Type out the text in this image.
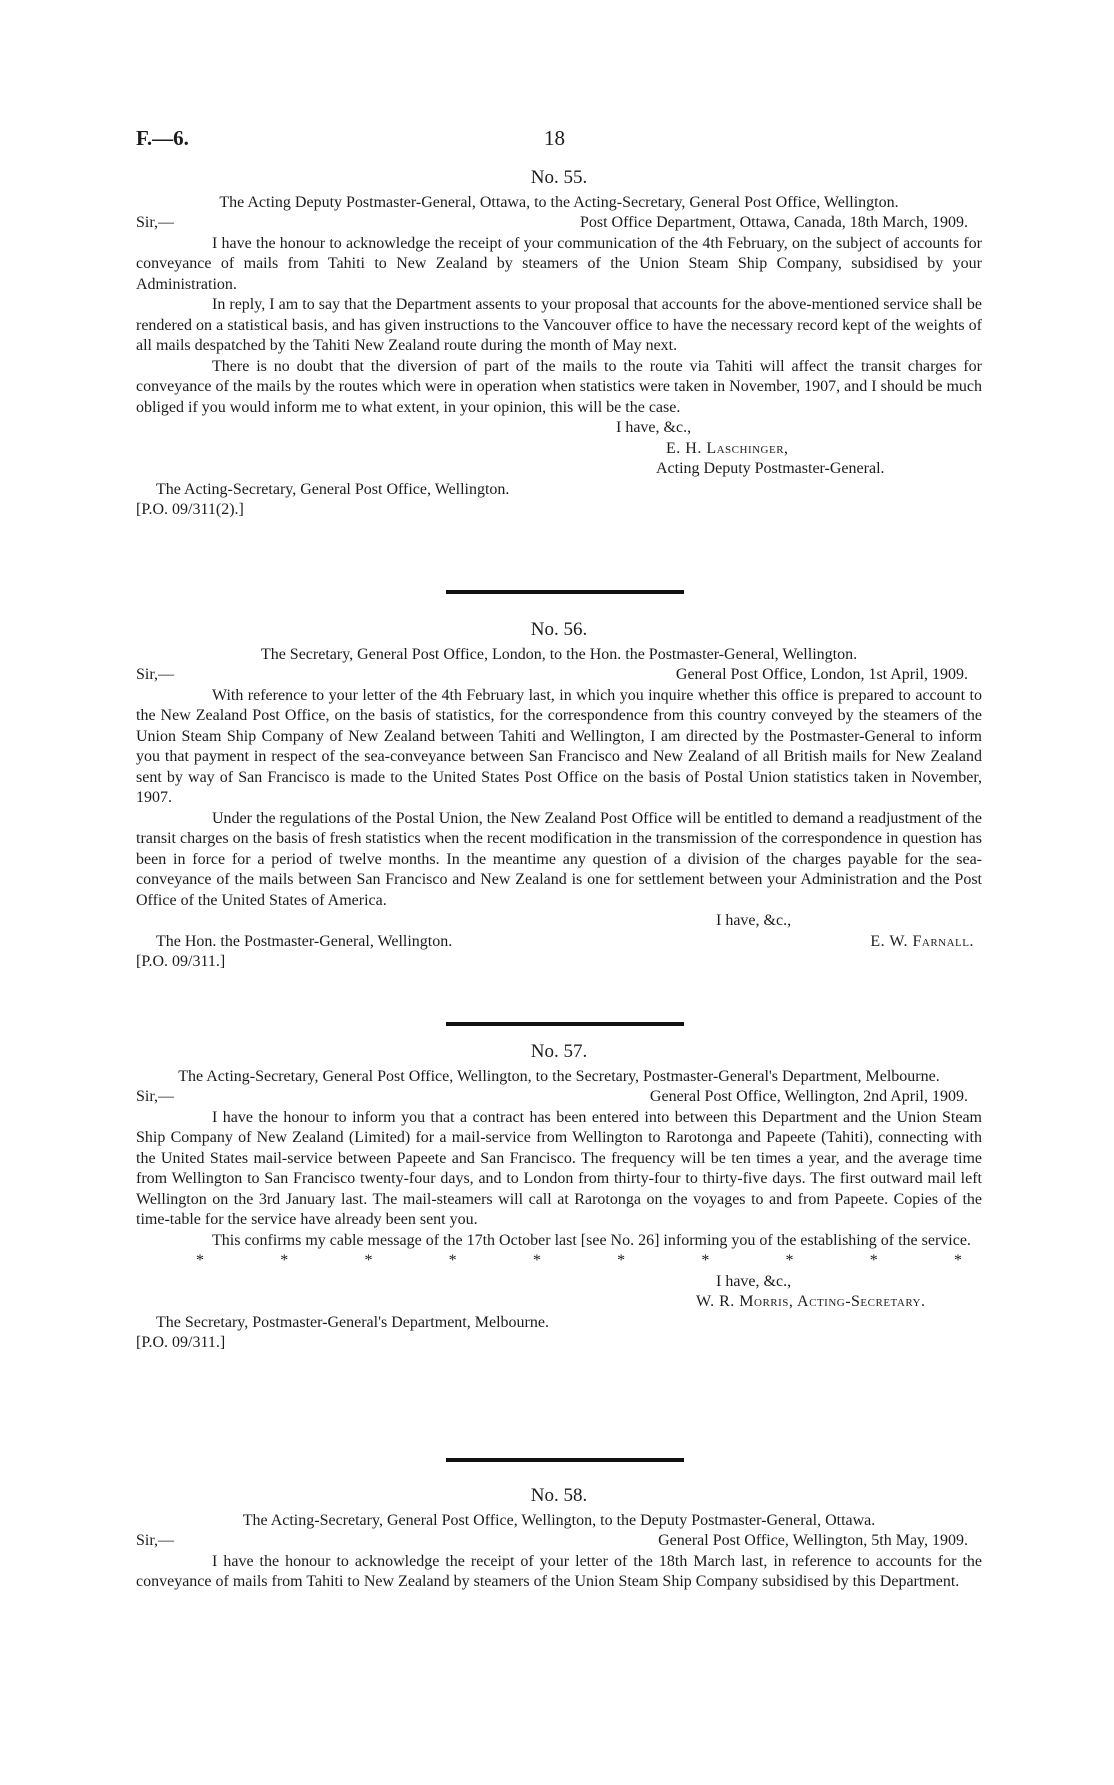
F.—6.	18
No. 55.
The Acting Deputy Postmaster-General, Ottawa, to the Acting-Secretary, General Post Office, Wellington.
Sir,—	Post Office Department, Ottawa, Canada, 18th March, 1909.

I have the honour to acknowledge the receipt of your communication of the 4th February, on the subject of accounts for conveyance of mails from Tahiti to New Zealand by steamers of the Union Steam Ship Company, subsidised by your Administration.

In reply, I am to say that the Department assents to your proposal that accounts for the above-mentioned service shall be rendered on a statistical basis, and has given instructions to the Vancouver office to have the necessary record kept of the weights of all mails despatched by the Tahiti New Zealand route during the month of May next.

There is no doubt that the diversion of part of the mails to the route via Tahiti will affect the transit charges for conveyance of the mails by the routes which were in operation when statistics were taken in November, 1907, and I should be much obliged if you would inform me to what extent, in your opinion, this will be the case.

I have, &c.,
E. H. Laschinger,
Acting Deputy Postmaster-General.
The Acting-Secretary, General Post Office, Wellington.
[P.O. 09/311(2).]
No. 56.
The Secretary, General Post Office, London, to the Hon. the Postmaster-General, Wellington.
Sir,—	General Post Office, London, 1st April, 1909.

With reference to your letter of the 4th February last, in which you inquire whether this office is prepared to account to the New Zealand Post Office, on the basis of statistics, for the correspondence from this country conveyed by the steamers of the Union Steam Ship Company of New Zealand between Tahiti and Wellington, I am directed by the Postmaster-General to inform you that payment in respect of the sea-conveyance between San Francisco and New Zealand of all British mails for New Zealand sent by way of San Francisco is made to the United States Post Office on the basis of Postal Union statistics taken in November, 1907.

Under the regulations of the Postal Union, the New Zealand Post Office will be entitled to demand a readjustment of the transit charges on the basis of fresh statistics when the recent modification in the transmission of the correspondence in question has been in force for a period of twelve months. In the meantime any question of a division of the charges payable for the sea-conveyance of the mails between San Francisco and New Zealand is one for settlement between your Administration and the Post Office of the United States of America.

I have, &c.,
The Hon. the Postmaster-General, Wellington.	E. W. Farnall.
[P.O. 09/311.]
No. 57.
The Acting-Secretary, General Post Office, Wellington, to the Secretary, Postmaster-General's Department, Melbourne.
Sir,—	General Post Office, Wellington, 2nd April, 1909.

I have the honour to inform you that a contract has been entered into between this Department and the Union Steam Ship Company of New Zealand (Limited) for a mail-service from Wellington to Rarotonga and Papeete (Tahiti), connecting with the United States mail-service between Papeete and San Francisco. The frequency will be ten times a year, and the average time from Wellington to San Francisco twenty-four days, and to London from thirty-four to thirty-five days. The first outward mail left Wellington on the 3rd January last. The mail-steamers will call at Rarotonga on the voyages to and from Papeete. Copies of the time-table for the service have already been sent you.

This confirms my cable message of the 17th October last [see No. 26] informing you of the establishing of the service.

*	*	*	*	*	*	*	*	*	*
I have, &c.,
W. R. Morris, Acting-Secretary.
The Secretary, Postmaster-General's Department, Melbourne.
[P.O. 09/311.]
No. 58.
The Acting-Secretary, General Post Office, Wellington, to the Deputy Postmaster-General, Ottawa.
Sir,—	General Post Office, Wellington, 5th May, 1909.

I have the honour to acknowledge the receipt of your letter of the 18th March last, in reference to accounts for the conveyance of mails from Tahiti to New Zealand by steamers of the Union Steam Ship Company subsidised by this Department.
